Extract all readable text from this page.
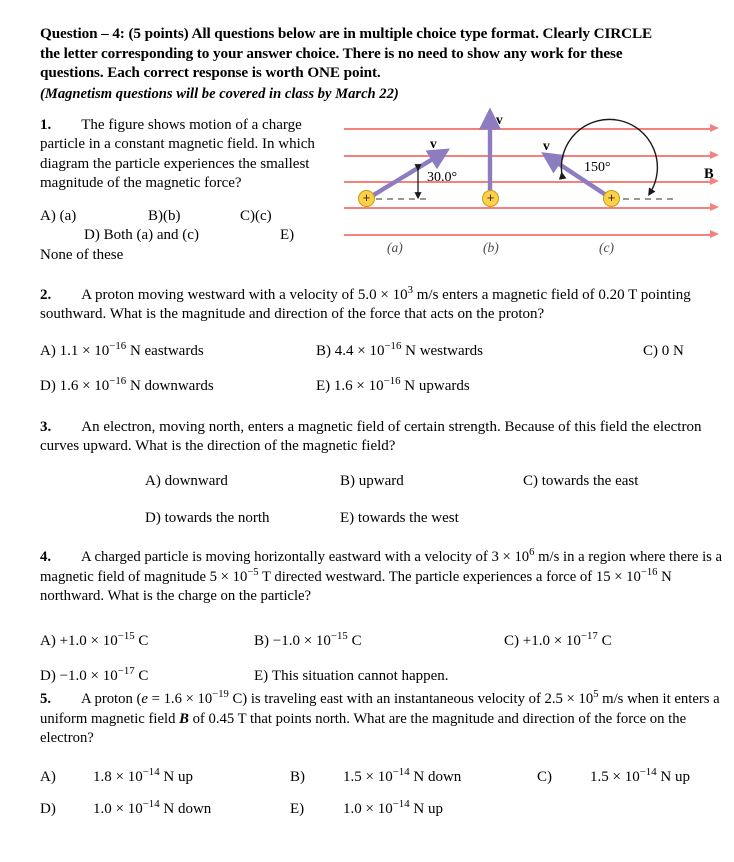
Question – 4: (5 points) All questions below are in multiple choice type format. Clearly CIRCLE
the letter corresponding to your answer choice. There is no need to show any work for these
questions. Each correct response is worth ONE point.
(Magnetism questions will be covered in class by March 22)
1. The figure shows motion of a charge particle in a constant magnetic field. In which diagram the particle experiences the smallest magnitude of the magnetic force?
A) (a)	B)(b)	C)(c)
D) Both (a) and (c)	E)
None of these
B
+	+	+
v
v
v
30.0°
150°
(a)	(b)	(c)
2. A proton moving westward with a velocity of $5.0 \times 10^3$ m/s enters a magnetic field of 0.20 T pointing southward. What is the magnitude and direction of the force that acts on the proton?
A) $1.1 \times 10^{-16}$ N eastwards	B) $4.4 \times 10^{-16}$ N westwards	C) 0 N
D) $1.6 \times 10^{-16}$ N downwards	E) $1.6 \times 10^{-16}$ N upwards
3. An electron, moving north, enters a magnetic field of certain strength. Because of this field the electron curves upward. What is the direction of the magnetic field?
A) downward	B) upward	C) towards the east
D) towards the north	E) towards the west
4. A charged particle is moving horizontally eastward with a velocity of $3 \times 10^6$ m/s in a region where there is a magnetic field of magnitude $5 \times 10^{-5}$ T directed westward. The particle experiences a force of $15 \times 10^{-16}$ N northward. What is the charge on the particle?
$A) +1.0 \times 10^{-15}$ C	$B) -1.0 \times 10^{-15}$ C	$C) +1.0 \times 10^{-17}$ C
$D) -1.0 \times 10^{-17}$ C	E) This situation cannot happen.
5. A proton ($e = 1.6 \times 10^{-19}$ C) is traveling east with an instantaneous velocity of $2.5 \times 10^5$ m/s when it enters a uniform magnetic field B of 0.45 T that points north. What are the magnitude and direction of the force on the electron?
A) $1.8 \times 10^{-14}$ N up	B)	$1.5 \times 10^{-14}$ N down	C)	$1.5 \times 10^{-14}$ N up
D) $1.0 \times 10^{-14}$ N down	E)	$1.0 \times 10^{-14}$ N up
